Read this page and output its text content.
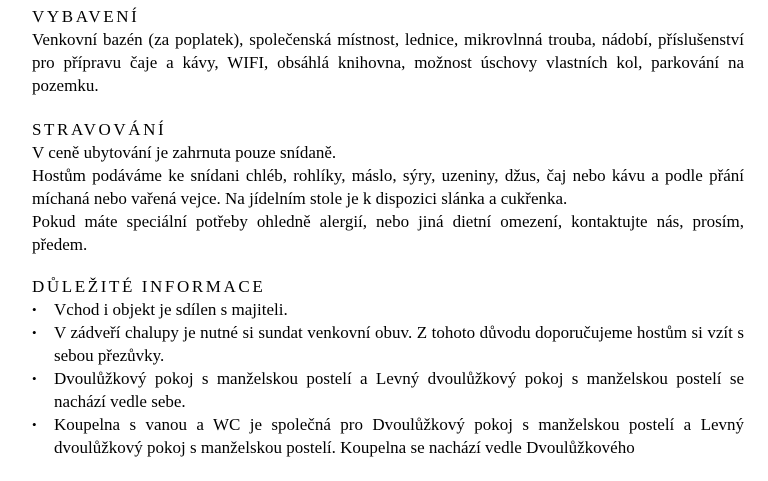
VYBAVENÍ

Venkovní bazén (za poplatek), společenská místnost, lednice, mikrovlnná trouba, nádobí, příslušenství pro přípravu čaje a kávy, WIFI, obsáhlá knihovna, možnost úschovy vlastních kol, parkování na pozemku.

STRAVOVÁNÍ

V ceně ubytování je zahrnuta pouze snídaně.

Hostům podáváme ke snídani chléb, rohlíky, máslo, sýry, uzeniny, džus, čaj nebo kávu a podle přání míchaná nebo vařená vejce. Na jídelním stole je k dispozici slánka a cukřenka.

Pokud máte speciální potřeby ohledně alergií, nebo jiná dietní omezení, kontaktujte nás, prosím, předem.

DŮLEŽITÉ INFORMACE
•	Vchod i objekt je sdílen s majiteli.
•	V zádveří chalupy je nutné si sundat venkovní obuv. Z tohoto důvodu doporučujeme hostům si vzít s sebou přezůvky.
•	Dvoulůžkový pokoj s manželskou postelí a Levný dvoulůžkový pokoj s manželskou postelí se nachází vedle sebe.
•	Koupelna s vanou a WC je společná pro Dvoulůžkový pokoj s manželskou postelí a Levný dvoulůžkový pokoj s manželskou postelí. Koupelna se nachází vedle Dvoulůžkového
